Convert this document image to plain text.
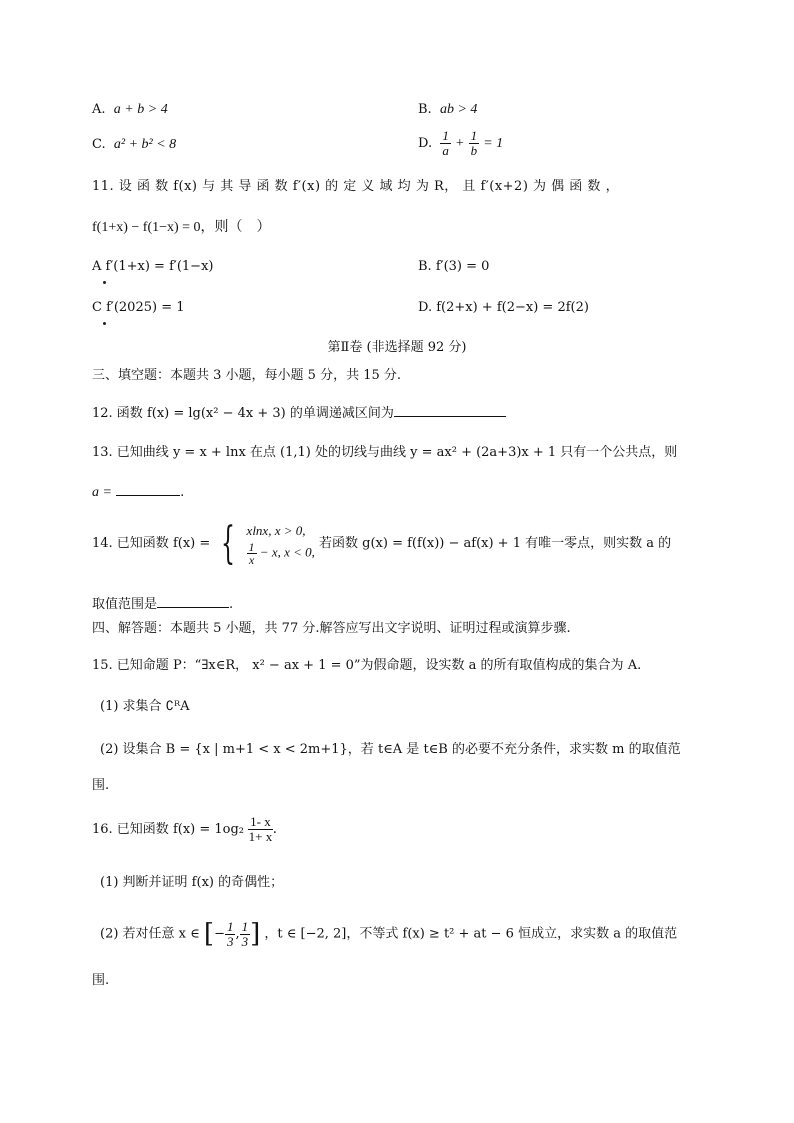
A. a + b > 4	B. ab > 4
C. a² + b² < 8	D. $\frac{1}{a} + \frac{1}{b} = 1$
11. 设 函 数 f(x) 与 其 导 函 数 f′(x) 的 定 义 域 均 为 R， 且 f′(x+2) 为 偶 函 数 ，
f(1+x) − f(1−x) = 0，则（　）
A f′(1+x) = f′(1−x)	B. f′(3) = 0
C f′(2025) = 1	D. f(2+x) + f(2−x) = 2f(2)
第Ⅱ卷 (非选择题 92 分)
三、填空题：本题共 3 小题，每小题 5 分，共 15 分.
12. 函数 f(x) = lg(x² − 4x + 3) 的单调递减区间为
13. 已知曲线 y = x + lnx 在点 (1,1) 处的切线与曲线 y = ax² + (2a+3)x + 1 只有一个公共点，则
a =	.
14. 已知函数 f(x) = { xlnx, x > 0,
$\frac{1}{x} - x$, x < 0,
若函数 g(x) = f(f(x)) − af(x) + 1 有唯一零点，则实数 a 的
取值范围是	.
四、解答题：本题共 5 小题，共 77 分.解答应写出文字说明、证明过程或演算步骤.
15. 已知命题 P：“∃x∈R， x² − ax + 1 = 0”为假命题，设实数 a 的所有取值构成的集合为 A.
(1) 求集合 ∁ᴿA
(2) 设集合 B = {x | m+1 < x < 2m+1}，若 t∈A 是 t∈B 的必要不充分条件，求实数 m 的取值范
围.
16. 已知函数 $f(x) = 1og_2 \frac{1- x}{1+ x}$ .
(1) 判断并证明 f(x) 的奇偶性；
(2) 若对任意 x ∈ [− $\frac{1}{3}$ , $\frac{1}{3}$ ] ，t ∈ [−2, 2]，不等式 f(x) ≥ t² + at − 6 恒成立，求实数 a 的取值范
围.
